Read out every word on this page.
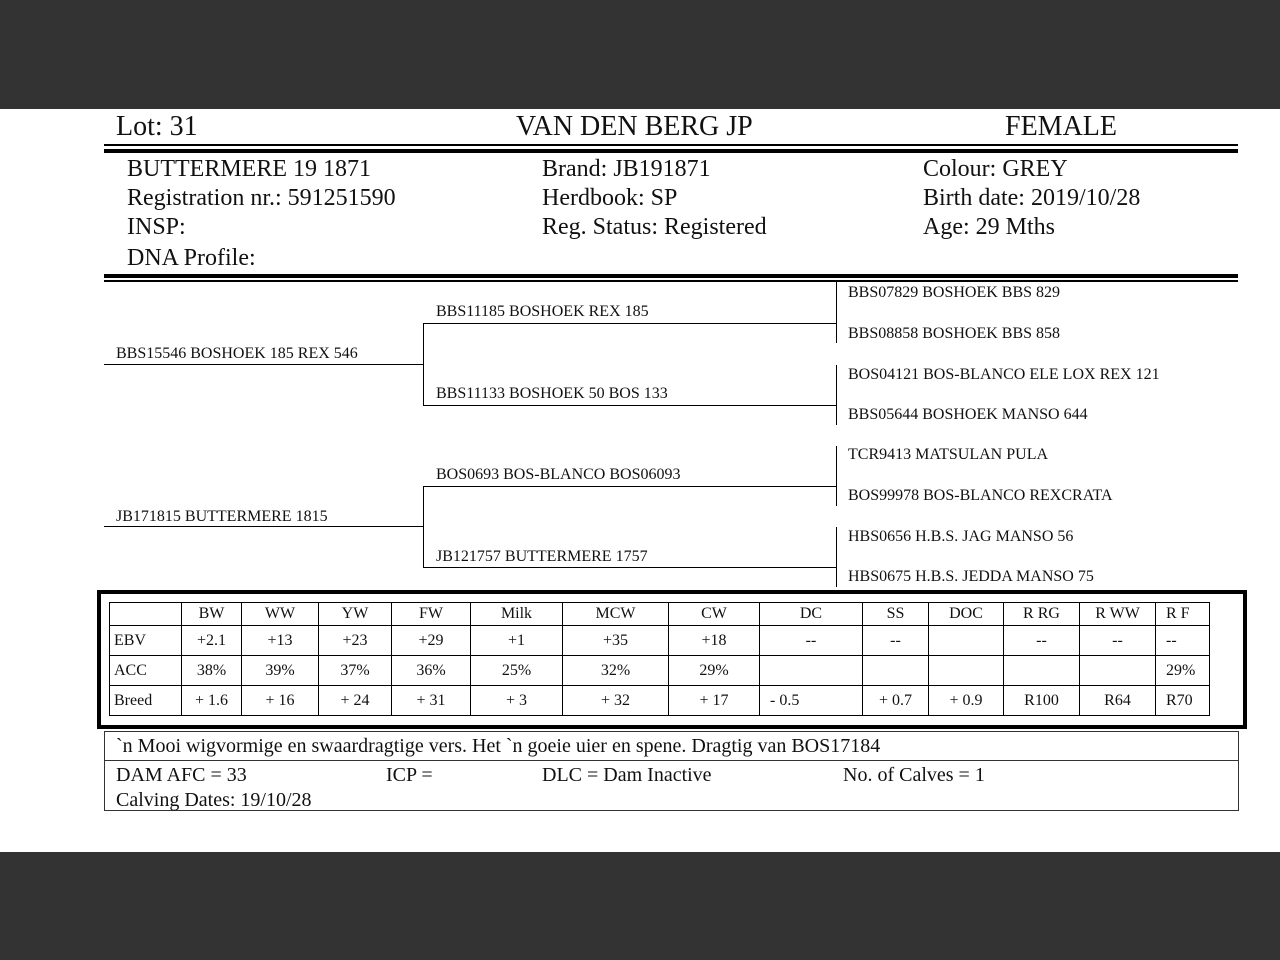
Lot: 31	VAN DEN BERG JP	FEMALE
BUTTERMERE 19 1871
Registration nr.: 591251590
INSP:
DNA Profile:
Brand: JB191871
Herdbook: SP
Reg. Status: Registered
Colour: GREY
Birth date: 2019/10/28
Age: 29 Mths
BBS15546 BOSHOEK 185 REX 546
JB171815 BUTTERMERE 1815
BBS11185 BOSHOEK REX 185
BBS11133 BOSHOEK 50 BOS 133
BOS0693 BOS-BLANCO BOS06093
JB121757 BUTTERMERE 1757
BBS07829 BOSHOEK BBS 829
BBS08858 BOSHOEK BBS 858
BOS04121 BOS-BLANCO ELE LOX REX 121
BBS05644 BOSHOEK MANSO 644
TCR9413 MATSULAN PULA
BOS99978 BOS-BLANCO REXCRATA
HBS0656 H.B.S. JAG MANSO 56
HBS0675 H.B.S. JEDDA MANSO 75
	BW	WW	YW	FW	Milk	MCW	CW	DC	SS	DOC	R RG	R WW	R F
EBV	+2.1	+13	+23	+29	+1	+35	+18	--	--		--	--	--
ACC	38%	39%	37%	36%	25%	32%	29%						29%
Breed	+ 1.6	+ 16	+ 24	+ 31	+ 3	+ 32	+ 17	- 0.5	+ 0.7	+ 0.9	R100	R64	R70
`n Mooi wigvormige en swaardragtige vers. Het `n goeie uier en spene. Dragtig van BOS17184
DAM AFC = 33	ICP =	DLC = Dam Inactive	No. of Calves = 1
Calving Dates: 19/10/28
